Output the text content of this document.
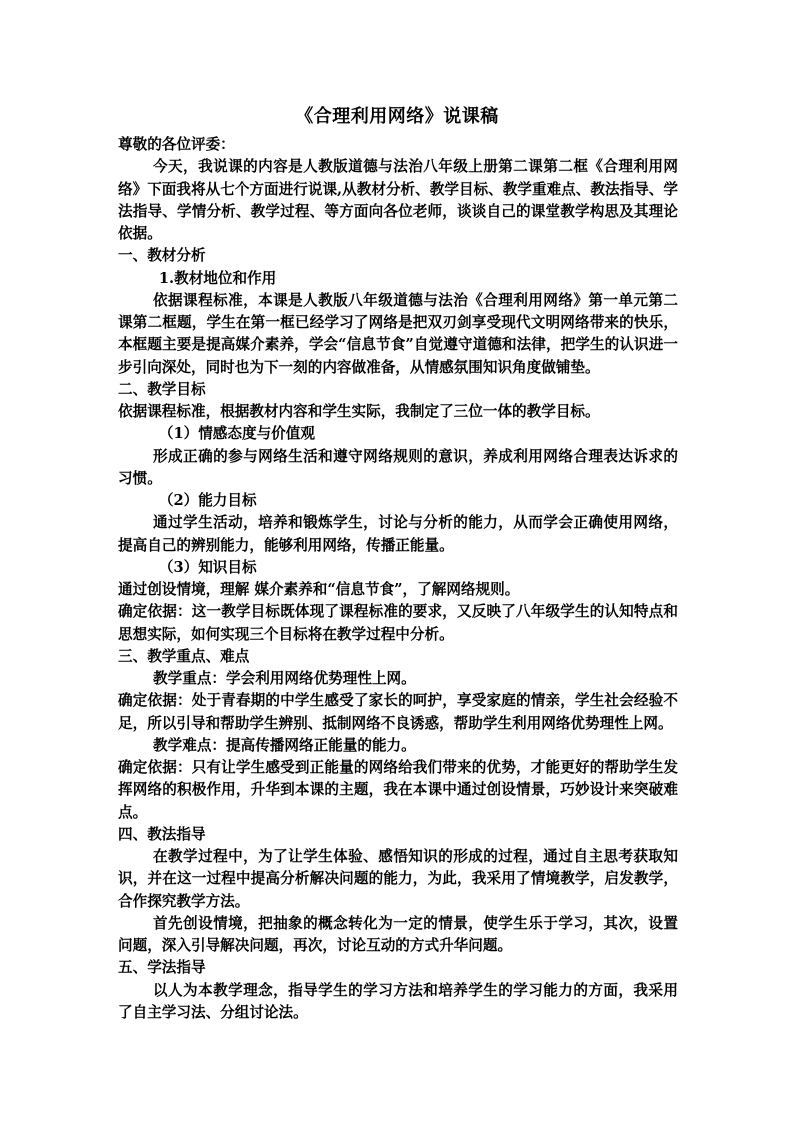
《合理利用网络》说课稿

尊敬的各位评委：

今天，我说课的内容是人教版道德与法治八年级上册第二课第二框《合理利用网络》下面我将从七个方面进行说课,从教材分析、教学目标、教学重难点、教法指导、学法指导、学情分析、教学过程、等方面向各位老师，谈谈自己的课堂教学构思及其理论依据。

一、教材分析

1.教材地位和作用

依据课程标准，本课是人教版八年级道德与法治《合理利用网络》第一单元第二课第二框题，学生在第一框已经学习了网络是把双刃剑享受现代文明网络带来的快乐，本框题主要是提高媒介素养，学会“信息节食”自觉遵守道德和法律，把学生的认识进一步引向深处，同时也为下一刻的内容做准备，从情感氛围知识角度做铺垫。

二、教学目标

依据课程标准，根据教材内容和学生实际，我制定了三位一体的教学目标。

（1）情感态度与价值观

形成正确的参与网络生活和遵守网络规则的意识，养成利用网络合理表达诉求的习惯。

（2）能力目标

通过学生活动，培养和锻炼学生，讨论与分析的能力，从而学会正确使用网络，提高自己的辨别能力，能够利用网络，传播正能量。

（3）知识目标

通过创设情境，理解 媒介素养和“信息节食”，了解网络规则。

确定依据：这一教学目标既体现了课程标准的要求，又反映了八年级学生的认知特点和思想实际，如何实现三个目标将在教学过程中分析。

三、教学重点、难点

教学重点：学会利用网络优势理性上网。

确定依据：处于青春期的中学生感受了家长的呵护，享受家庭的情亲，学生社会经验不足，所以引导和帮助学生辨别、抵制网络不良诱惑，帮助学生利用网络优势理性上网。

教学难点：提高传播网络正能量的能力。

确定依据：只有让学生感受到正能量的网络给我们带来的优势，才能更好的帮助学生发挥网络的积极作用，升华到本课的主题，我在本课中通过创设情景，巧妙设计来突破难点。

四、教法指导

在教学过程中，为了让学生体验、感悟知识的形成的过程，通过自主思考获取知识，并在这一过程中提高分析解决问题的能力，为此，我采用了情境教学，启发教学，合作探究教学方法。

首先创设情境，把抽象的概念转化为一定的情景，使学生乐于学习，其次，设置问题，深入引导解决问题，再次，讨论互动的方式升华问题。

五、学法指导

以人为本教学理念，指导学生的学习方法和培养学生的学习能力的方面，我采用了自主学习法、分组讨论法。
